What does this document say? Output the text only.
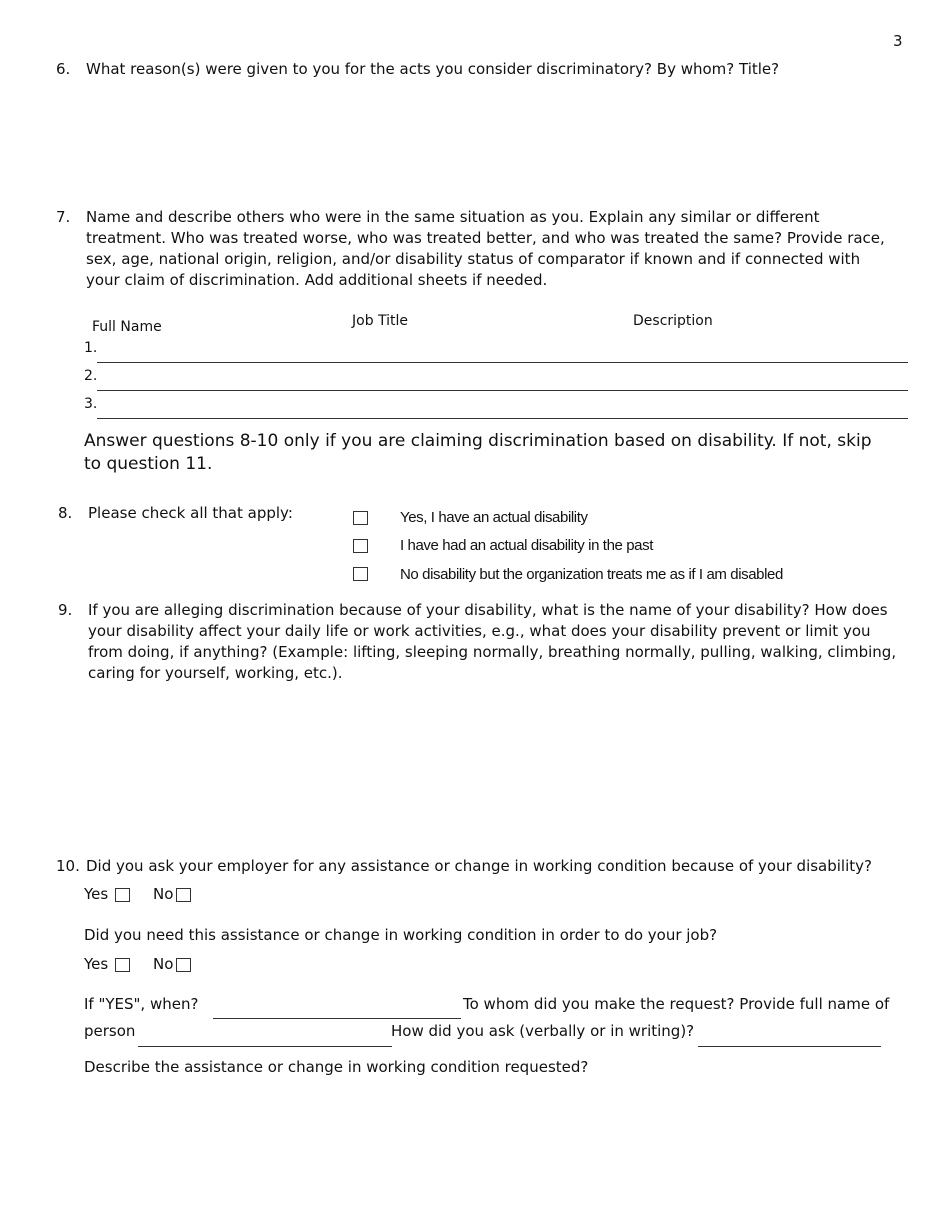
3
6. What reason(s) were given to you for the acts you consider discriminatory? By whom? Title?
7. Name and describe others who were in the same situation as you. Explain any similar or different treatment. Who was treated worse, who was treated better, and who was treated the same? Provide race, sex, age, national origin, religion, and/or disability status of comparator if known and if connected with your claim of discrimination. Add additional sheets if needed.
Full Name	Job Title	Description
1.
2.
3.
Answer questions 8-10 only if you are claiming discrimination based on disability. If not, skip to question 11.
8. Please check all that apply:	Yes, I have an actual disability
I have had an actual disability in the past
No disability but the organization treats me as if I am disabled
9. If you are alleging discrimination because of your disability, what is the name of your disability? How does your disability affect your daily life or work activities, e.g., what does your disability prevent or limit you from doing, if anything? (Example: lifting, sleeping normally, breathing normally, pulling, walking, climbing, caring for yourself, working, etc.).
10. Did you ask your employer for any assistance or change in working condition because of your disability?
Yes	No
Did you need this assistance or change in working condition in order to do your job?
Yes	No
If "YES", when?	To whom did you make the request? Provide full name of
person	How did you ask (verbally or in writing)?
Describe the assistance or change in working condition requested?
